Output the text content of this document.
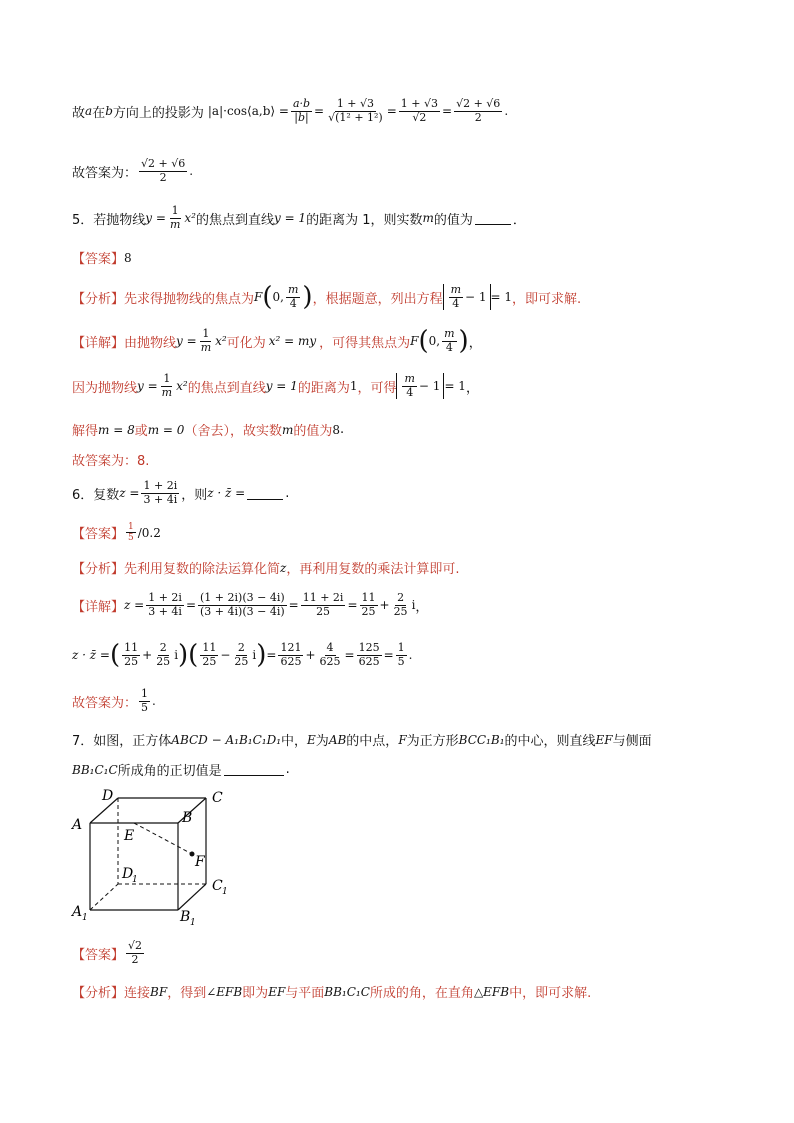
故 a 在 b 方向上的投影为 |a|·cos⟨a,b⟩ = $\frac{a\cdot b}{|b|} = \frac{1 + √3}{\text{√(1² + 1²)}} = \frac{1 + √3}{√2} = \frac{√2 + √6}{2}$ .
故答案为： $\frac{√2 + √6}{2}$ .
5．若抛物线 $y = \frac{1}{m} x^2$ 的焦点到直线 y = 1 的距离为 1，则实数 m 的值为	．
【答案】 8
【分析】 先求得抛物线的焦点为 F ( 0, $\frac{m}{4}$ ) ，根据题意，列出方程 $\frac{m}{4} - 1 = 1$ ，即可求解.
【详解】 由抛物线 $y = \frac{1}{m} x^2$ 可化为 x² = my ，可得其焦点为 F ( 0, $\frac{m}{4}$ ) ，
因为抛物线 $y = \frac{1}{m} x^2$ 的焦点到直线 y = 1 的距离为 1 ，可得 $\frac{m}{4} - 1 = 1$ ，
解得 m = 8 或 m = 0 （舍去），故实数 m 的值为 8 .
故答案为：8.
6．复数 $z = \frac{1 + 2i}{3 + 4i}$ ，则 z · z̄ =	.
【答案】 $\frac{1}{5} /0.2$
【分析】 先利用复数的除法运算化简 z ，再利用复数的乘法计算即可.
【详解】 $z = \frac{1 + 2i}{3 + 4i} = \frac{(1 + 2i)(3 - 4i)}{(3 + 4i)(3 - 4i)} = \frac{11 + 2i}{25} = \frac{11}{25} + \frac{2}{25}$ i ，
z · z̄ = ( $\frac{11}{25} + \frac{2}{25}$ i )( $\frac{11}{25} - \frac{2}{25}$ i ) = $\frac{121}{625} + \frac{4}{625} = \frac{125}{625} = \frac{1}{5}$ .
故答案为： $\frac{1}{5}$ .
7．如图，正方体 ABCD − A₁B₁C₁D₁ 中， E 为 AB 的中点， F 为正方形 BCC₁B₁ 的中心，则直线 EF 与侧面
BB₁C₁C 所成角的正切值是	.
A	B
C
D
E
F
A 1	B 1
C 1
D
1
【答案】 $\frac{√2}{2}$
【分析】 连接 BF ，得到 ∠EFB 即为 EF 与平面 BB₁C₁C 所成的角，在直角 △EFB 中，即可求解.
